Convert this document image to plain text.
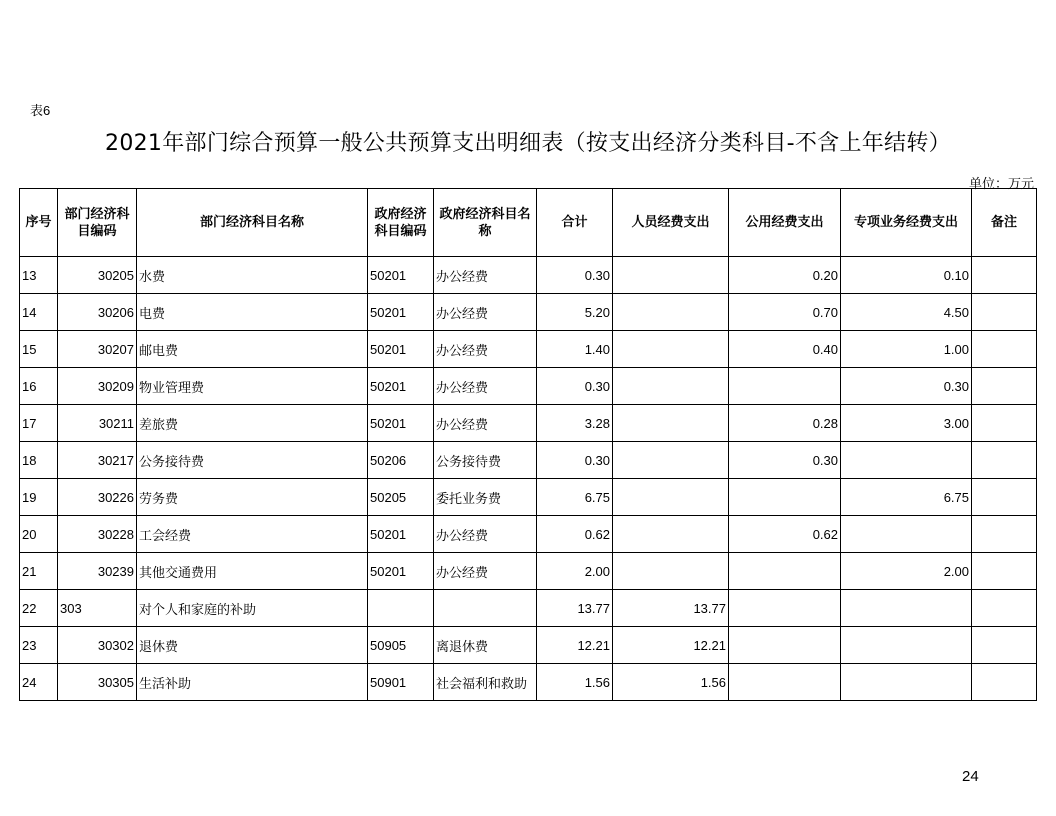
表6
2021年部门综合预算一般公共预算支出明细表（按支出经济分类科目-不含上年结转）
单位：万元
序号	部门经济科目编码	部门经济科目名称	政府经济科目编码	政府经济科目名称	合计	人员经费支出	公用经费支出	专项业务经费支出	备注
13	30205	水费	50201	办公经费	0.30		0.20	0.10	
14	30206	电费	50201	办公经费	5.20		0.70	4.50	
15	30207	邮电费	50201	办公经费	1.40		0.40	1.00	
16	30209	物业管理费	50201	办公经费	0.30			0.30	
17	30211	差旅费	50201	办公经费	3.28		0.28	3.00	
18	30217	公务接待费	50206	公务接待费	0.30		0.30		
19	30226	劳务费	50205	委托业务费	6.75			6.75	
20	30228	工会经费	50201	办公经费	0.62		0.62		
21	30239	其他交通费用	50201	办公经费	2.00			2.00	
22	303	对个人和家庭的补助			13.77	13.77			
23	30302	退休费	50905	离退休费	12.21	12.21			
24	30305	生活补助	50901	社会福利和救助	1.56	1.56			
24
